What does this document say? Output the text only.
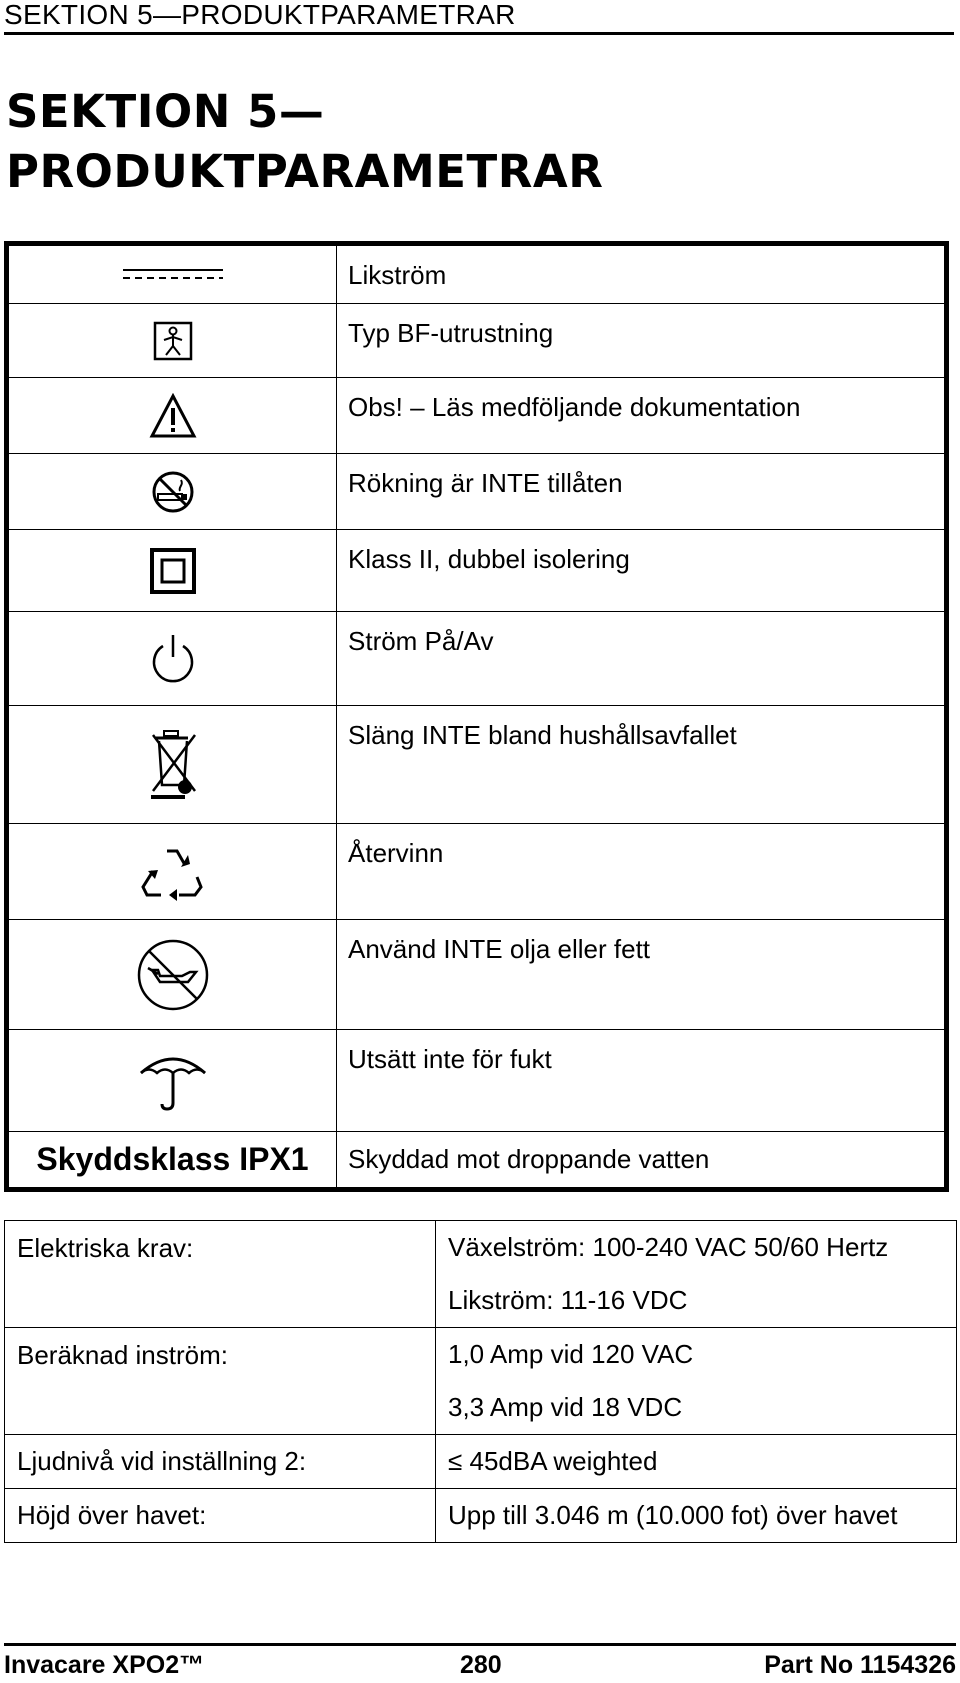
SEKTION 5—PRODUKTPARAMETRAR
SEKTION 5—
PRODUKTPARAMETRAR
	Likström

	Typ BF-utrustning

	Obs! – Läs medföljande dokumentation

	Rökning är INTE tillåten

	Klass II, dubbel isolering

	Ström På/Av

	Släng INTE bland hushållsavfallet

	Återvinn

	Använd INTE olja eller fett

	Utsätt inte för fukt
Skyddsklass IPX1	Skyddad mot droppande vatten
Elektriska krav:	Växelström: 100-240 VAC 50/60 Hertz
	Likström: 11-16 VDC
Beräknad inström:	1,0 Amp vid 120 VAC
	3,3 Amp vid 18 VDC
Ljudnivå vid inställning 2:	≤ 45dBA weighted
Höjd över havet:	Upp till 3.046 m (10.000 fot) över havet
Invacare XPO2™	280	Part No 1154326
